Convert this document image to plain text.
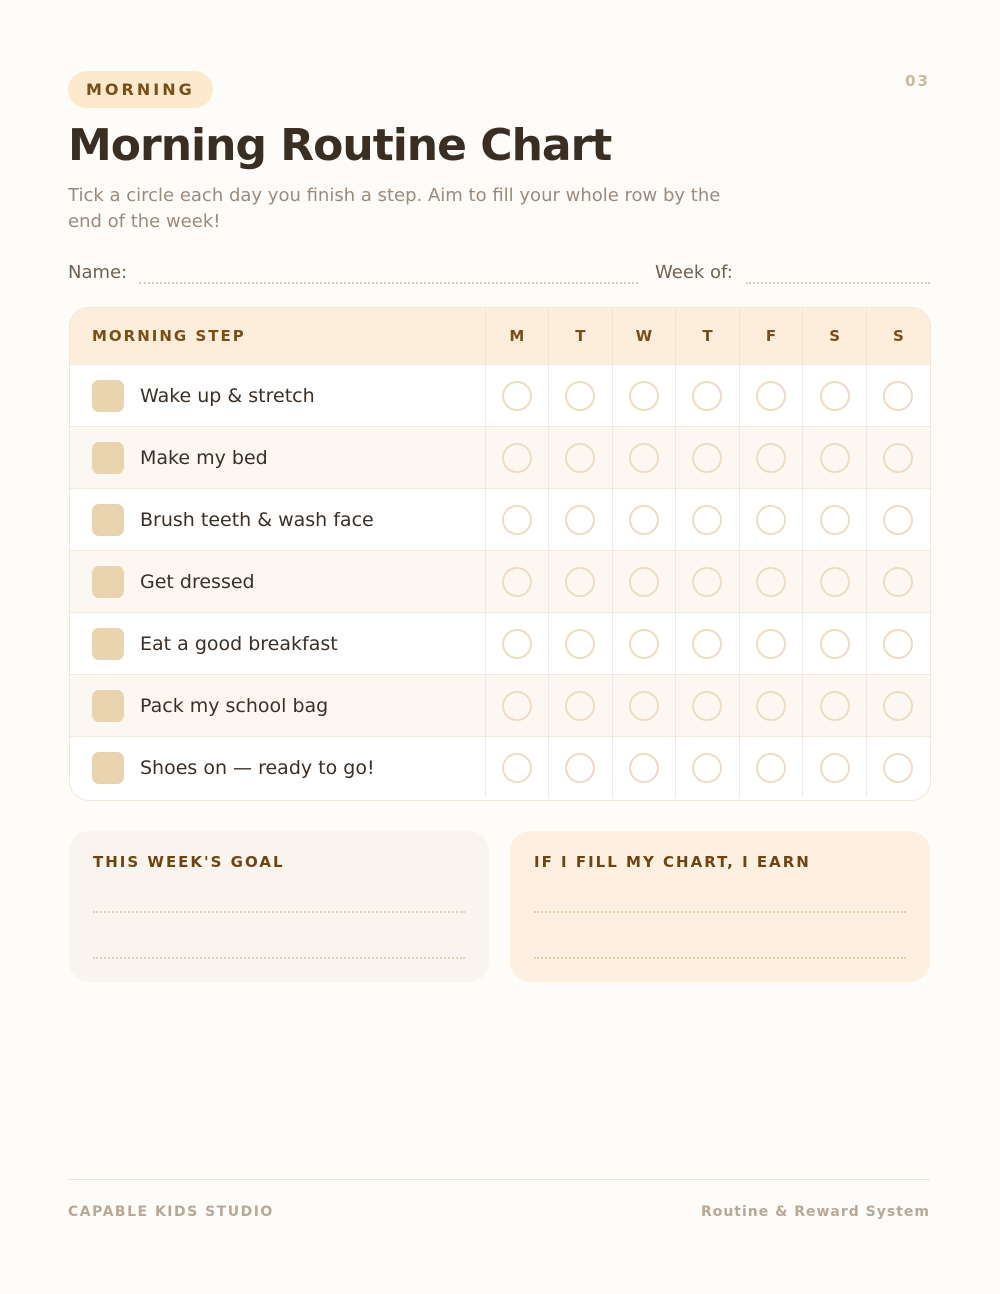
MORNING	03
Morning Routine Chart

Tick a circle each day you finish a step. Aim to fill your whole row by the end of the week!

Name:	Week of:
MORNING STEP	M	T	W	T	F	S	S
Wake up & stretch							
Make my bed							
Brush teeth & wash face							
Get dressed							
Eat a good breakfast							
Pack my school bag							
Shoes on — ready to go!							
THIS WEEK'S GOAL	IF I FILL MY CHART, I EARN
CAPABLE KIDS STUDIO	Routine & Reward System
